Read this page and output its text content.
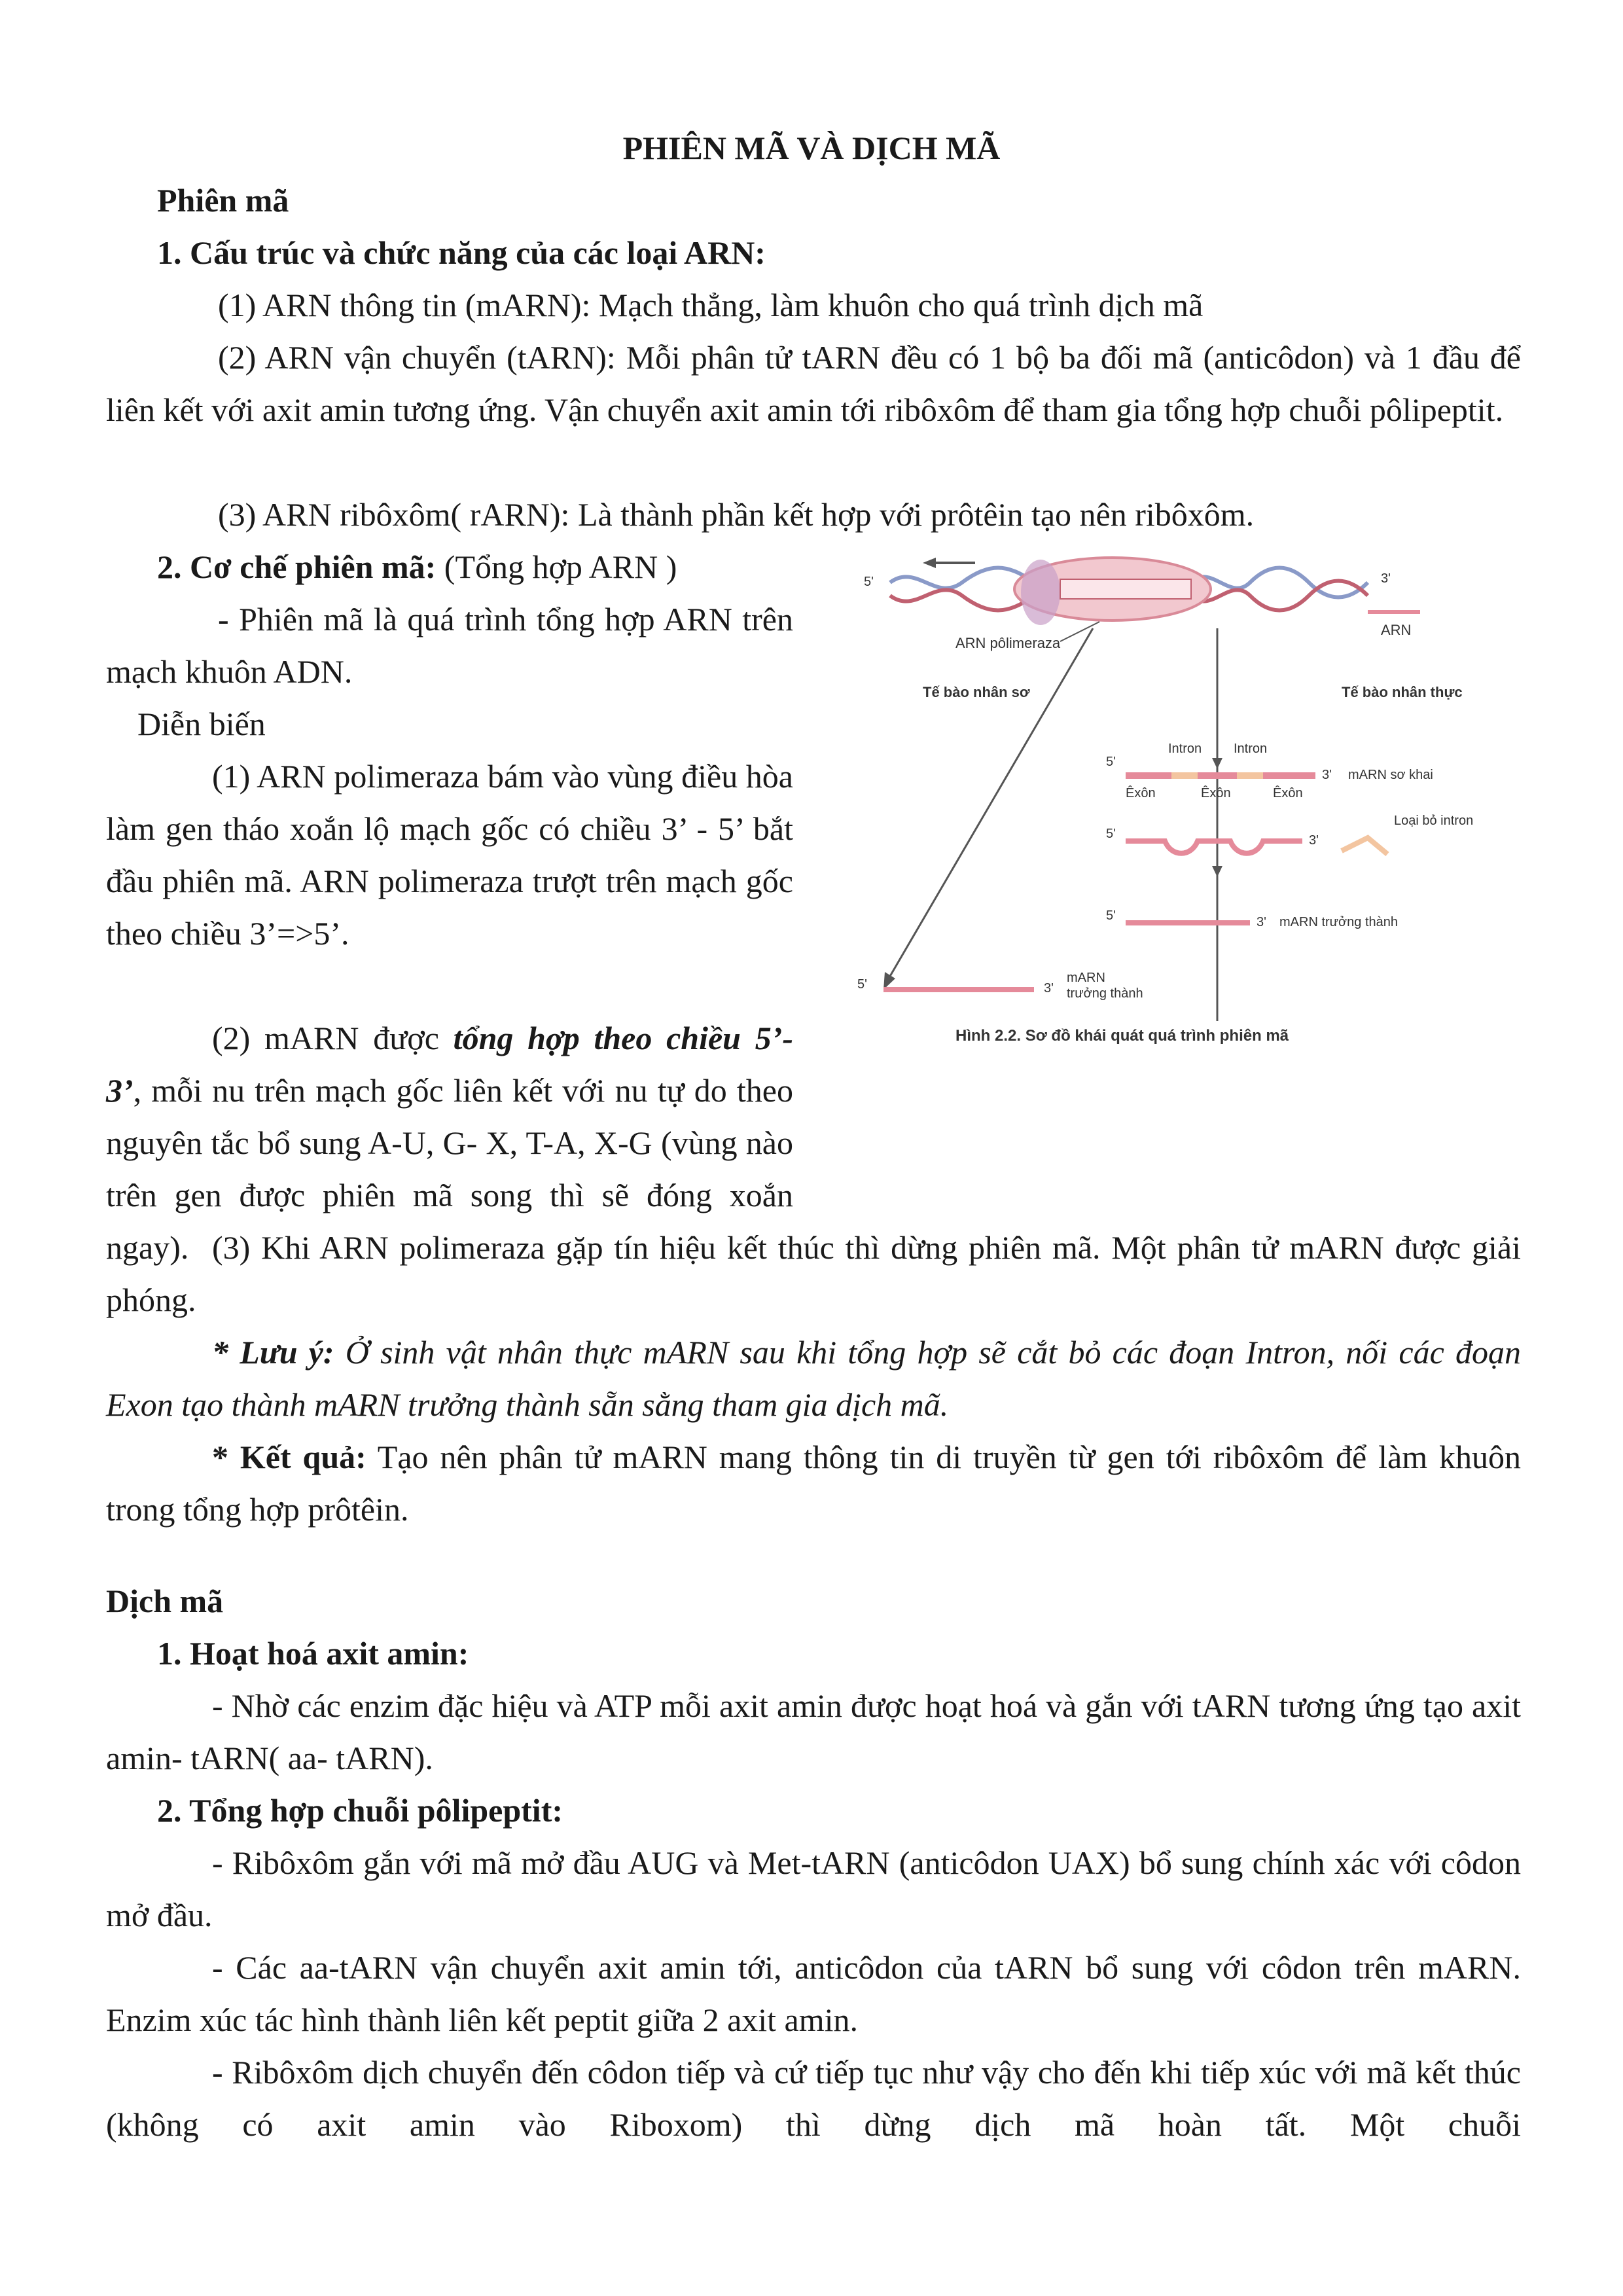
PHIÊN MÃ VÀ DỊCH MÃ

Phiên mã

1. Cấu trúc và chức năng của các loại ARN:

(1) ARN thông tin (mARN): Mạch thẳng, làm khuôn cho quá trình dịch mã

(2) ARN vận chuyển (tARN): Mỗi phân tử tARN đều có 1 bộ ba đối mã (anticôdon) và 1 đầu để liên kết với axit amin tương ứng. Vận chuyển axit amin tới ribôxôm để tham gia tổng hợp chuỗi pôlipeptit.

(3) ARN ribôxôm( rARN): Là thành phần kết hợp với prôtêin tạo nên ribôxôm.

2. Cơ chế phiên mã: (Tổng hợp ARN )

- Phiên mã là quá trình tổng hợp ARN trên mạch khuôn ADN.

Diễn biến

(1) ARN polimeraza bám vào vùng điều hòa làm gen tháo xoắn lộ mạch gốc có chiều 3’ - 5’ bắt đầu phiên mã. ARN polimeraza trượt trên mạch gốc theo chiều 3’=>5’.

(2) mARN được tổng hợp theo chiều 5’- 3’, mỗi nu trên mạch gốc liên kết với nu tự do theo nguyên tắc bổ sung A-U, G- X, T-A, X-G (vùng nào trên gen được phiên mã song thì sẽ đóng xoắn ngay). (3) Khi ARN polimeraza gặp tín hiệu kết thúc thì dừng phiên mã. Một phân tử mARN được giải phóng.

* Lưu ý: Ở sinh vật nhân thực mARN sau khi tổng hợp sẽ cắt bỏ các đoạn Intron, nối các đoạn Exon tạo thành mARN trưởng thành sẵn sằng tham gia dịch mã.

* Kết quả: Tạo nên phân tử mARN mang thông tin di truyền từ gen tới ribôxôm để làm khuôn trong tổng hợp prôtêin.

Dịch mã

1. Hoạt hoá axit amin:

- Nhờ các enzim đặc hiệu và ATP mỗi axit amin được hoạt hoá và gắn với tARN tương ứng tạo axit amin- tARN( aa- tARN).

2. Tổng hợp chuỗi pôlipeptit:

- Ribôxôm gắn với mã mở đầu AUG và Met-tARN (anticôdon UAX) bổ sung chính xác với côdon mở đầu.

- Các aa-tARN vận chuyển axit amin tới, anticôdon của tARN bổ sung với côdon trên mARN. Enzim xúc tác hình thành liên kết peptit giữa 2 axit amin.

- Ribôxôm dịch chuyển đến côdon tiếp và cứ tiếp tục như vậy cho đến khi tiếp xúc với mã kết thúc (không có axit amin vào Riboxom) thì dừng dịch mã hoàn tất. Một chuỗi

5'	3'
ARN
ARN pôlimeraza
Tế bào nhân sơ	Tế bào nhân thực
5'
Intron Intron
Êxôn	Êxôn	Êxôn
3' mARN sơ khai
5'	3'
Loại bỏ intron
5'	3' mARN trưởng thành
5'	3'
mARN
trưởng thành
Hình 2.2. Sơ đồ khái quát quá trình phiên mã
